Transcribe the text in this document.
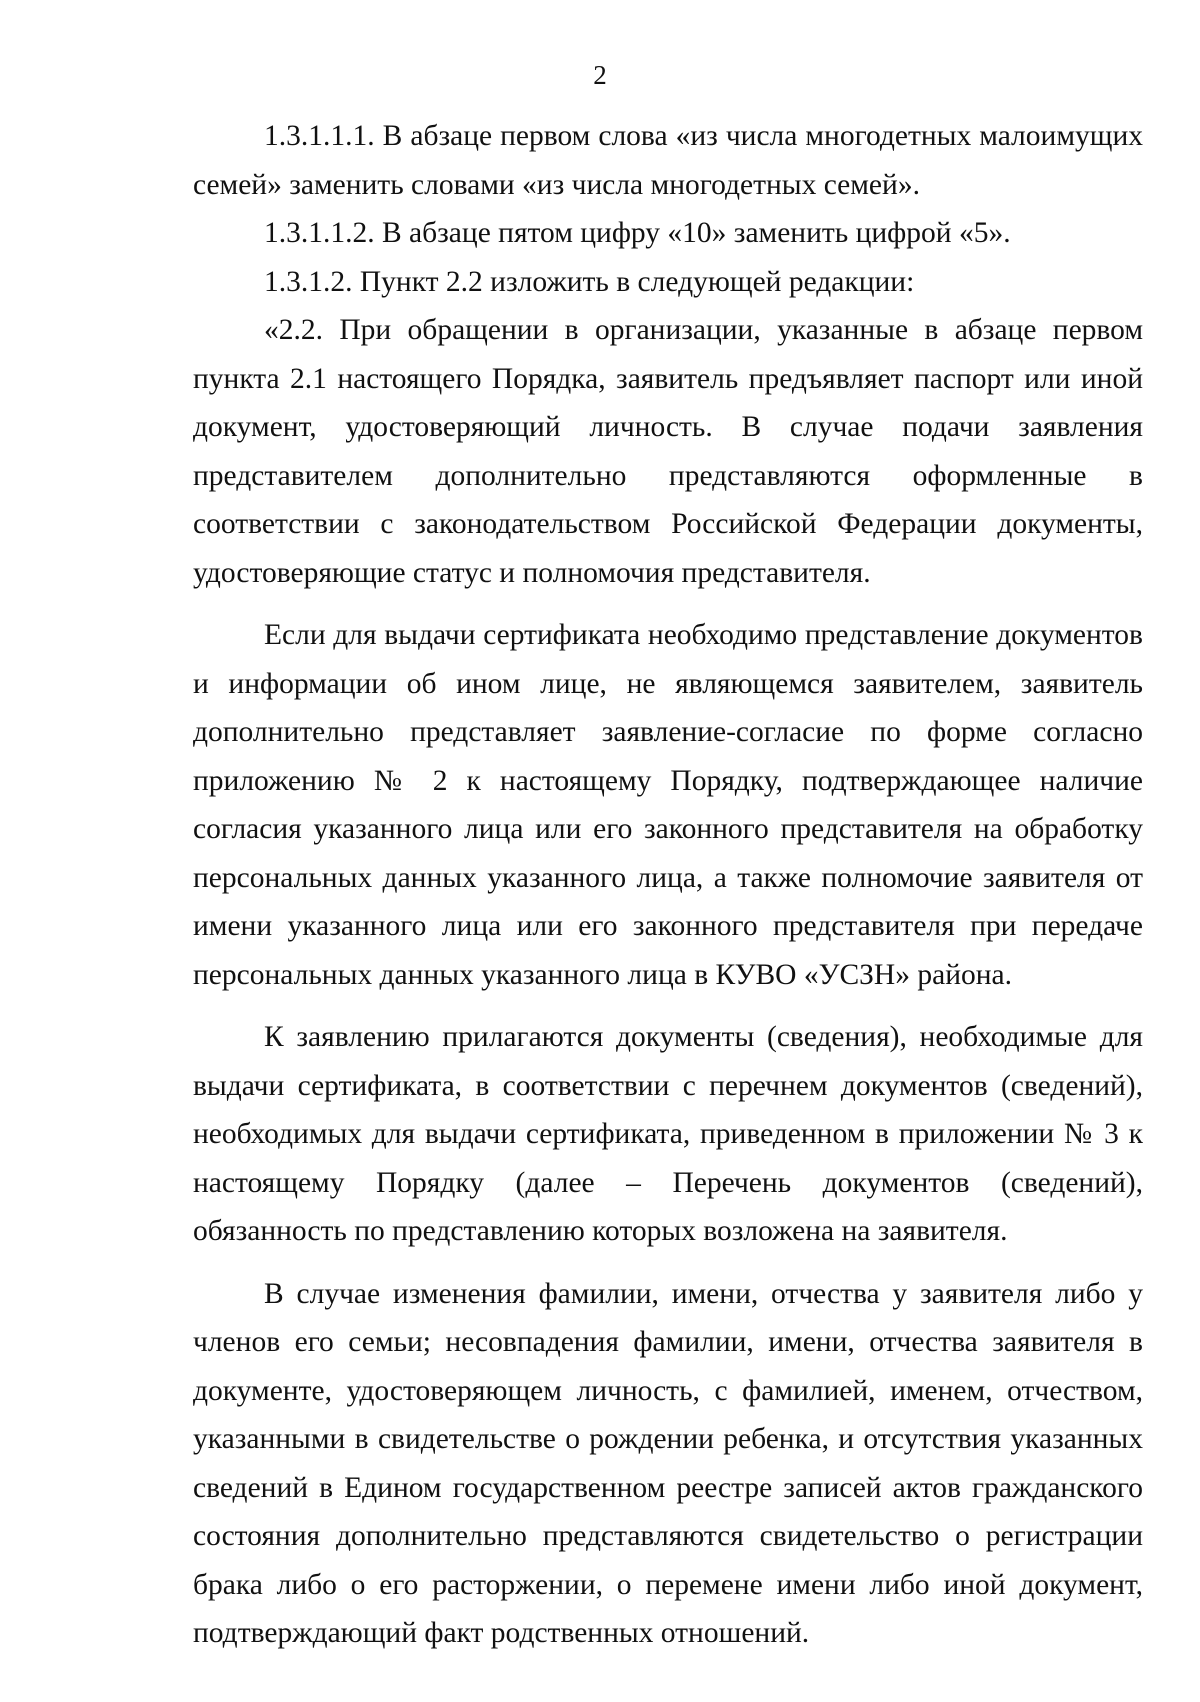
2

1.3.1.1.1. В абзаце первом слова «из числа многодетных малоимущих семей» заменить словами «из числа многодетных семей».

1.3.1.1.2. В абзаце пятом цифру «10» заменить цифрой «5».

1.3.1.2. Пункт 2.2 изложить в следующей редакции:

«2.2. При обращении в организации, указанные в абзаце первом пункта 2.1 настоящего Порядка, заявитель предъявляет паспорт или иной документ, удостоверяющий личность. В случае подачи заявления представителем дополнительно представляются оформленные в соответствии с законодательством Российской Федерации документы, удостоверяющие статус и полномочия представителя.

Если для выдачи сертификата необходимо представление документов и информации об ином лице, не являющемся заявителем, заявитель дополнительно представляет заявление-согласие по форме согласно приложению № 2 к настоящему Порядку, подтверждающее наличие согласия указанного лица или его законного представителя на обработку персональных данных указанного лица, а также полномочие заявителя от имени указанного лица или его законного представителя при передаче персональных данных указанного лица в КУВО «УСЗН» района.

К заявлению прилагаются документы (сведения), необходимые для выдачи сертификата, в соответствии с перечнем документов (сведений), необходимых для выдачи сертификата, приведенном в приложении № 3 к настоящему Порядку (далее – Перечень документов (сведений), обязанность по представлению которых возложена на заявителя.

В случае изменения фамилии, имени, отчества у заявителя либо у членов его семьи; несовпадения фамилии, имени, отчества заявителя в документе, удостоверяющем личность, с фамилией, именем, отчеством, указанными в свидетельстве о рождении ребенка, и отсутствия указанных сведений в Едином государственном реестре записей актов гражданского состояния дополнительно представляются свидетельство о регистрации брака либо о его расторжении, о перемене имени либо иной документ, подтверждающий факт родственных отношений.
